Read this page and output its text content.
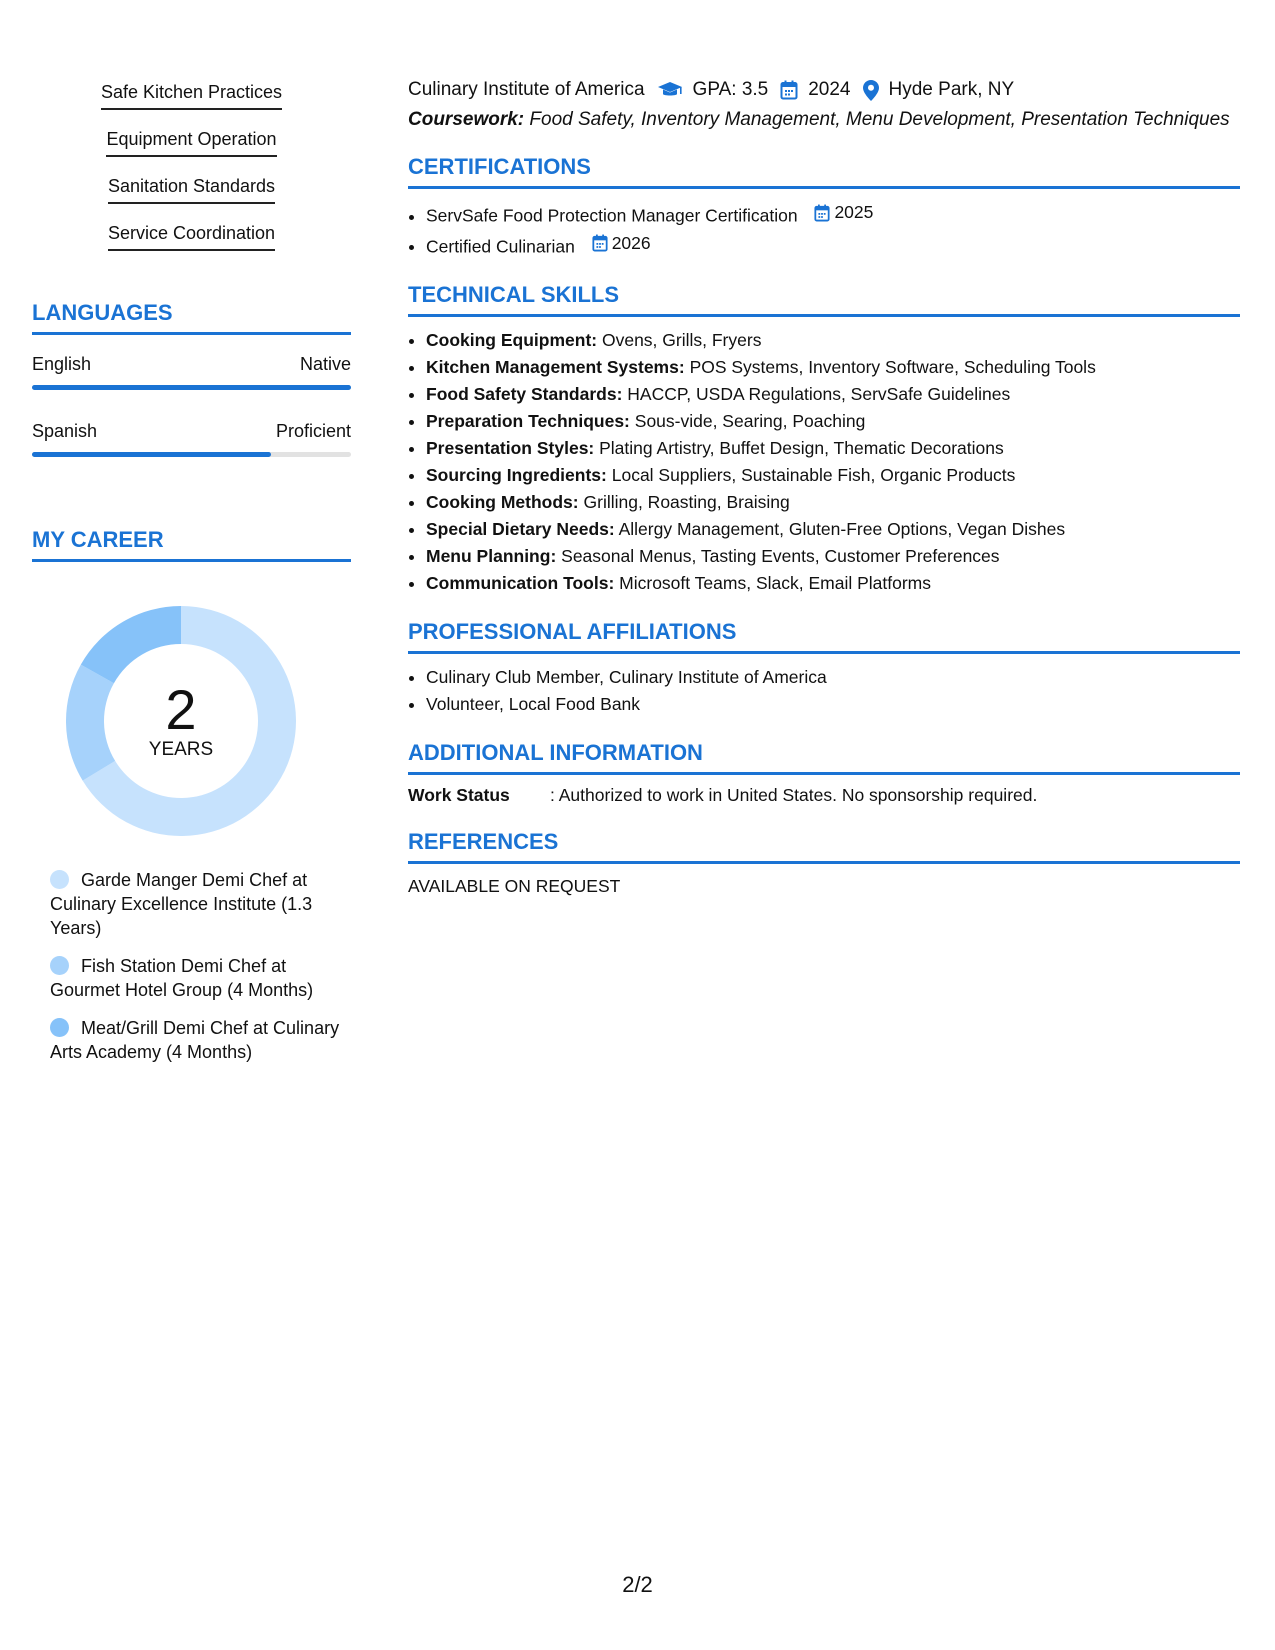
Safe Kitchen Practices
Equipment Operation
Sanitation Standards
Service Coordination
LANGUAGES
English	Native
Spanish	Proficient
MY CAREER
2
YEARS
Garde Manger Demi Chef at Culinary Excellence Institute (1.3 Years)
Fish Station Demi Chef at Gourmet Hotel Group (4 Months)
Meat/Grill Demi Chef at Culinary Arts Academy (4 Months)
Culinary Institute of America	GPA: 3.5 2024 Hyde Park, NY
Coursework: Food Safety, Inventory Management, Menu Development, Presentation Techniques
CERTIFICATIONS
• ServSafe Food Protection Manager Certification 2025
• Certified Culinarian 2026
TECHNICAL SKILLS
• Cooking Equipment: Ovens, Grills, Fryers
• Kitchen Management Systems: POS Systems, Inventory Software, Scheduling Tools
• Food Safety Standards: HACCP, USDA Regulations, ServSafe Guidelines
• Preparation Techniques: Sous-vide, Searing, Poaching
• Presentation Styles: Plating Artistry, Buffet Design, Thematic Decorations
• Sourcing Ingredients: Local Suppliers, Sustainable Fish, Organic Products
• Cooking Methods: Grilling, Roasting, Braising
• Special Dietary Needs: Allergy Management, Gluten-Free Options, Vegan Dishes
• Menu Planning: Seasonal Menus, Tasting Events, Customer Preferences
• Communication Tools: Microsoft Teams, Slack, Email Platforms
PROFESSIONAL AFFILIATIONS
• Culinary Club Member, Culinary Institute of America
• Volunteer, Local Food Bank
ADDITIONAL INFORMATION
Work Status	: Authorized to work in United States. No sponsorship required.
REFERENCES
AVAILABLE ON REQUEST
2/2
